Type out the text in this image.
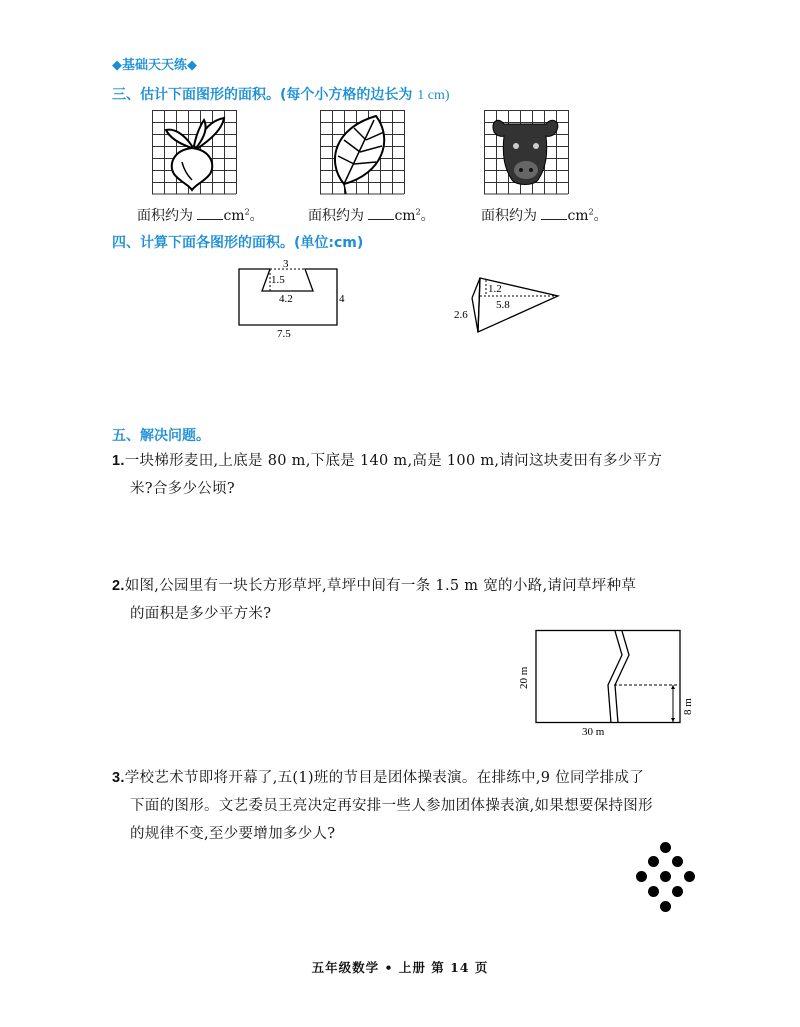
◆基础天天练◆
三、估计下面图形的面积。(每个小方格的边长为 1 cm)
面积约为 $cm^2$。	面积约为 $cm^2$。	面积约为 $cm^2$。
四、计算下面各图形的面积。(单位:cm)
3
1.5
4.2	4
7.5
1.2
5.8
2.6
五、解决问题。
1.一块梯形麦田,上底是 80 m,下底是 140 m,高是 100 m,请问这块麦田有多少平方
米?合多少公顷?
2.如图,公园里有一块长方形草坪,草坪中间有一条 1.5 m 宽的小路,请问草坪种草
的面积是多少平方米?
20 m
8 m
30 m
3.学校艺术节即将开幕了,五(1)班的节目是团体操表演。在排练中,9 位同学排成了
下面的图形。文艺委员王亮决定再安排一些人参加团体操表演,如果想要保持图形
的规律不变,至少要增加多少人?
五年级数学 • 上册 第 14 页
